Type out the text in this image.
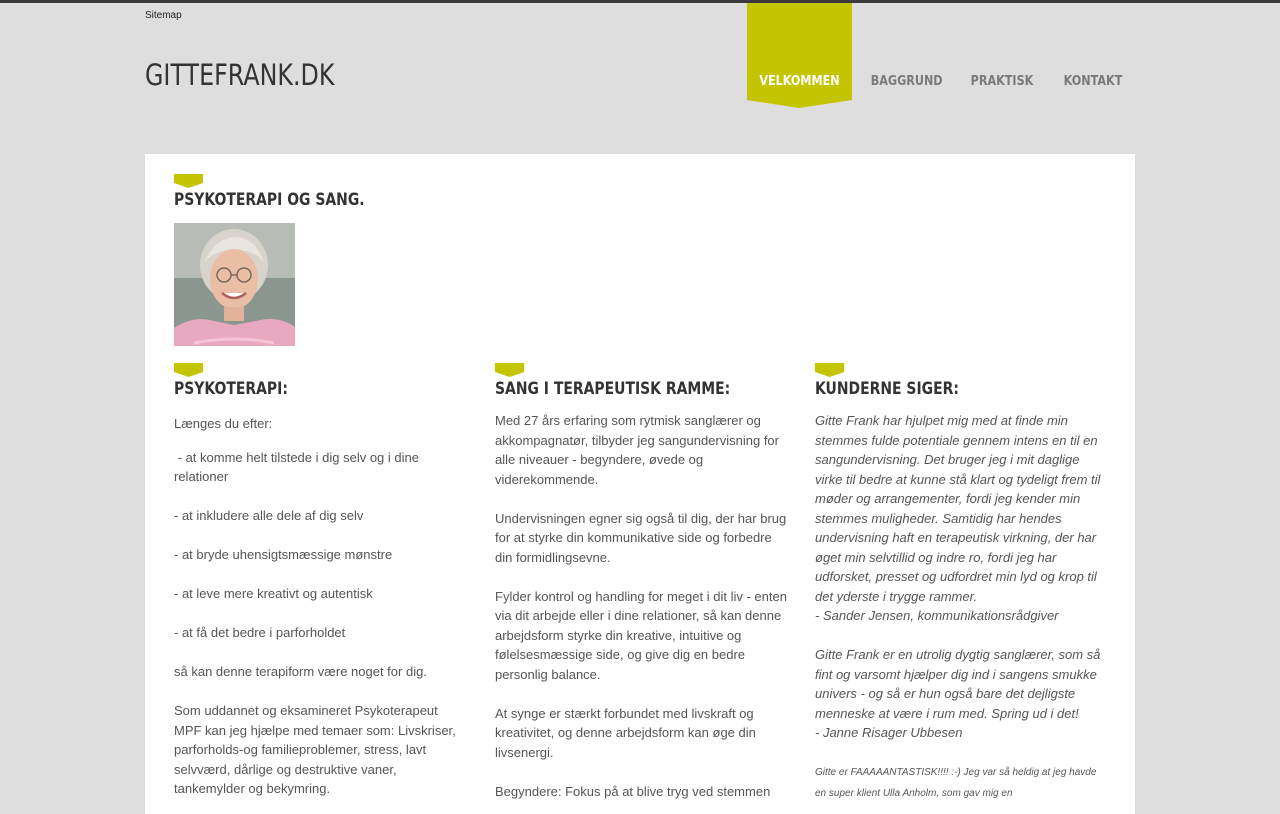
Sitemap
GITTEFRANK.DK	VELKOMMEN	BAGGRUND PRAKTISK KONTAKT
PSYKOTERAPI OG SANG.
PSYKOTERAPI:

Længes du efter:

- at komme helt tilstede i dig selv og i dine relationer

- at inkludere alle dele af dig selv

- at bryde uhensigtsmæssige mønstre

- at leve mere kreativt og autentisk

- at få det bedre i parforholdet

så kan denne terapiform være noget for dig.

Som uddannet og eksamineret Psykoterapeut MPF kan jeg hjælpe med temaer som: Livskriser, parforholds-og familieproblemer, stress, lavt selvværd, dårlige og destruktive vaner, tankemylder og bekymring.

SANG I TERAPEUTISK RAMME:

Med 27 års erfaring som rytmisk sanglærer og akkompagnatør, tilbyder jeg sangundervisning for alle niveauer - begyndere, øvede og viderekommende.

Undervisningen egner sig også til dig, der har brug for at styrke din kommunikative side og forbedre din formidlingsevne.

Fylder kontrol og handling for meget i dit liv - enten via dit arbejde eller i dine relationer, så kan denne arbejdsform styrke din kreative, intuitive og følelsesmæssige side, og give dig en bedre personlig balance.

At synge er stærkt forbundet med livskraft og kreativitet, og denne arbejdsform kan øge din livsenergi.

Begyndere: Fokus på at blive tryg ved stemmen

KUNDERNE SIGER:

Gitte Frank har hjulpet mig med at finde min stemmes fulde potentiale gennem intens en til en sangundervisning. Det bruger jeg i mit daglige virke til bedre at kunne stå klart og tydeligt frem til møder og arrangementer, fordi jeg kender min stemmes muligheder. Samtidig har hendes undervisning haft en terapeutisk virkning, der har øget min selvtillid og indre ro, fordi jeg har udforsket, presset og udfordret min lyd og krop til det yderste i trygge rammer.

- Sander Jensen, kommunikationsrådgiver

Gitte Frank er en utrolig dygtig sanglærer, som så fint og varsomt hjælper dig ind i sangens smukke univers - og så er hun også bare det dejligste menneske at være i rum med. Spring ud i det!

- Janne Risager Ubbesen

Gitte er FAAAAANTASTISK!!!! :-) Jeg var så heldig at jeg havde en super klient Ulla Anholm, som gav mig en
